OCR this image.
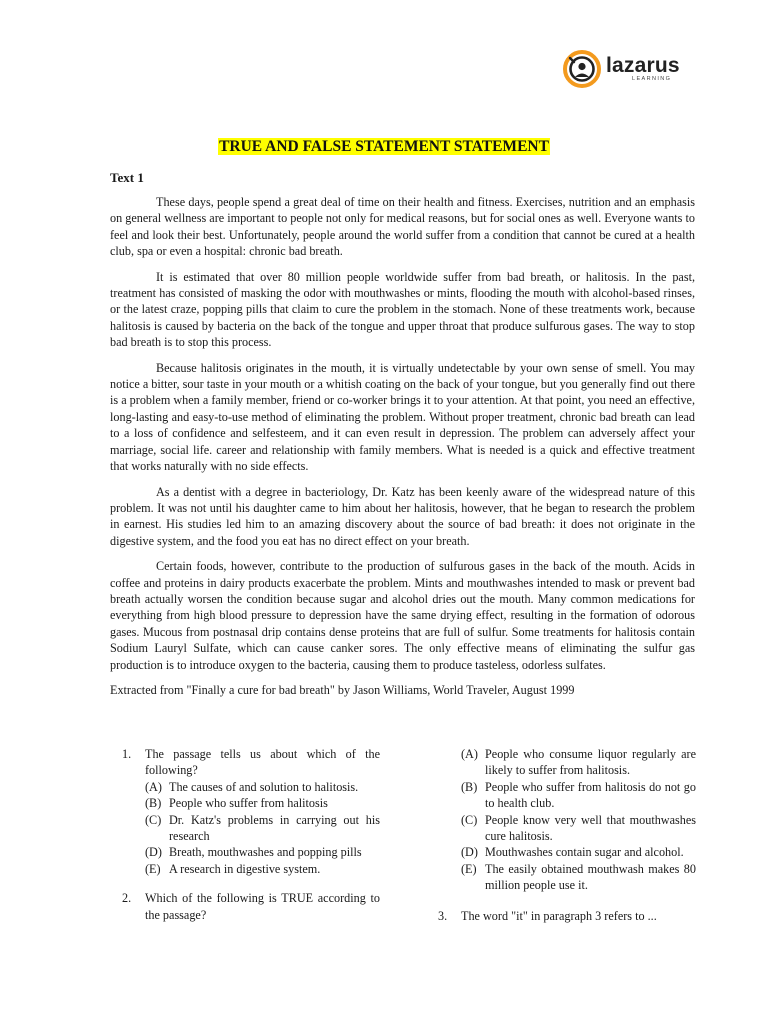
lazarus
LEARNING
TRUE AND FALSE STATEMENT STATEMENT
Text 1

These days, people spend a great deal of time on their health and fitness. Exercises, nutrition and an emphasis on general wellness are important to people not only for medical reasons, but for social ones as well. Everyone wants to feel and look their best. Unfortunately, people around the world suffer from a condition that cannot be cured at a health club, spa or even a hospital: chronic bad breath.

It is estimated that over 80 million people worldwide suffer from bad breath, or halitosis. In the past, treatment has consisted of masking the odor with mouthwashes or mints, flooding the mouth with alcohol-based rinses, or the latest craze, popping pills that claim to cure the problem in the stomach. None of these treatments work, because halitosis is caused by bacteria on the back of the tongue and upper throat that produce sulfurous gases. The way to stop bad breath is to stop this process.

Because halitosis originates in the mouth, it is virtually undetectable by your own sense of smell. You may notice a bitter, sour taste in your mouth or a whitish coating on the back of your tongue, but you generally find out there is a problem when a family member, friend or co-worker brings it to your attention. At that point, you need an effective, long-lasting and easy-to-use method of eliminating the problem. Without proper treatment, chronic bad breath can lead to a loss of confidence and selfesteem, and it can even result in depression. The problem can adversely affect your marriage, social life. career and relationship with family members. What is needed is a quick and effective treatment that works naturally with no side effects.

As a dentist with a degree in bacteriology, Dr. Katz has been keenly aware of the widespread nature of this problem. It was not until his daughter came to him about her halitosis, however, that he began to research the problem in earnest. His studies led him to an amazing discovery about the source of bad breath: it does not originate in the digestive system, and the food you eat has no direct effect on your breath.

Certain foods, however, contribute to the production of sulfurous gases in the back of the mouth. Acids in coffee and proteins in dairy products exacerbate the problem. Mints and mouthwashes intended to mask or prevent bad breath actually worsen the condition because sugar and alcohol dries out the mouth. Many common medications for everything from high blood pressure to depression have the same drying effect, resulting in the formation of odorous gases. Mucous from postnasal drip contains dense proteins that are full of sulfur. Some treatments for halitosis contain Sodium Lauryl Sulfate, which can cause canker sores. The only effective means of eliminating the sulfur gas production is to introduce oxygen to the bacteria, causing them to produce tasteless, odorless sulfates.

Extracted from "Finally a cure for bad breath" by Jason Williams, World Traveler, August 1999
1.	The passage tells us about which of the following?
(A) The causes of and solution to halitosis.
(B) People who suffer from halitosis
(C) Dr. Katz's problems in carrying out his research
(D) Breath, mouthwashes and popping pills
(E) A research in digestive system.
2.	Which of the following is TRUE according to the passage?
(A) People who consume liquor regularly are likely to suffer from halitosis.
(B) People who suffer from halitosis do not go to health club.
(C) People know very well that mouthwashes cure halitosis.
(D) Mouthwashes contain sugar and alcohol.
(E) The easily obtained mouthwash makes 80 million people use it.
3.	The word "it" in paragraph 3 refers to ...
